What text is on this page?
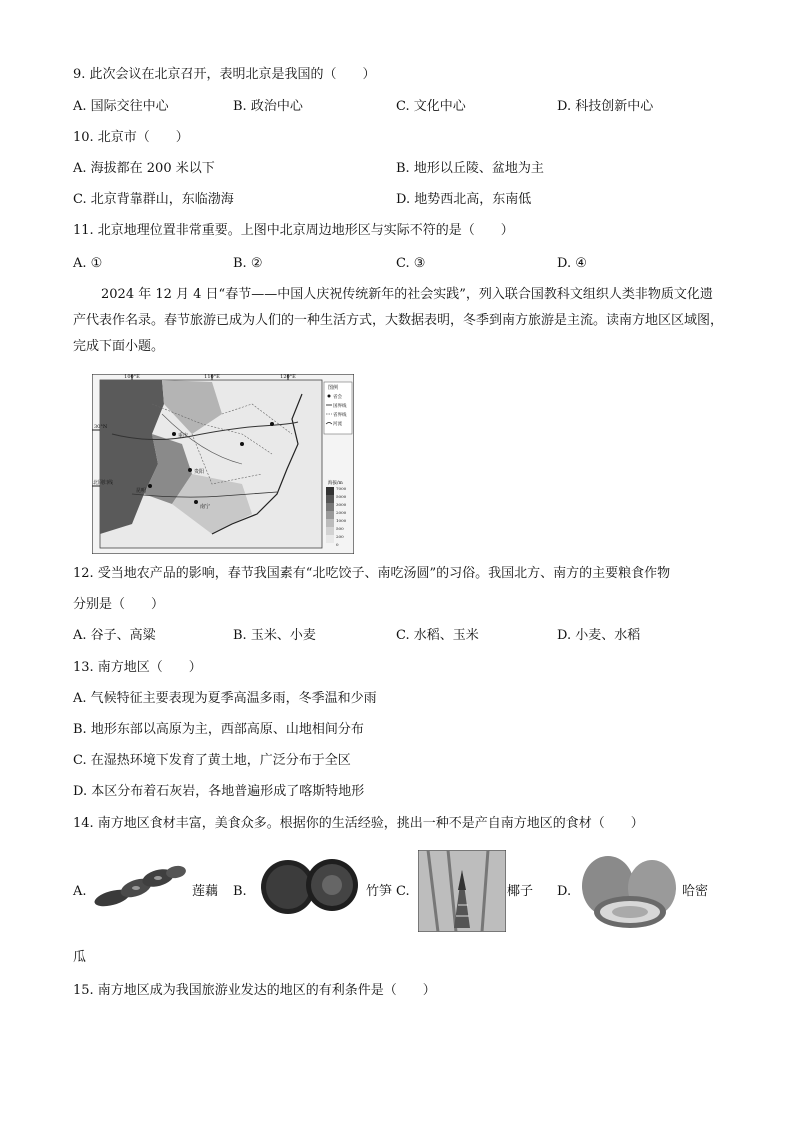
9. 此次会议在北京召开，表明北京是我国的（　　）
A. 国际交往中心	B. 政治中心	C. 文化中心	D. 科技创新中心
10. 北京市（　　）
A. 海拔都在 200 米以下	B. 地形以丘陵、盆地为主
C. 北京背靠群山，东临渤海	D. 地势西北高，东南低
11. 北京地理位置非常重要。上图中北京周边地形区与实际不符的是（　　）
A. ①	B. ②	C. ③	D. ④
2024 年 12 月 4 日“春节——中国人庆祝传统新年的社会实践”，列入联合国教科文组织人类非物质文化遗产代表作名录。春节旅游已成为人们的一种生活方式，大数据表明，冬季到南方旅游是主流。读南方地区区域图，完成下面小题。
100°E	110°E	120°E
30°N
北回归线
重庆
昆明
贵阳
南宁
图例
省会
国界线
省界线
河流
海拔/m
7000
5000
3000
2000
1000
500
200
0
12. 受当地农产品的影响，春节我国素有“北吃饺子、南吃汤圆”的习俗。我国北方、南方的主要粮食作物
分别是（　　）
A. 谷子、高粱	B. 玉米、小麦	C. 水稻、玉米	D. 小麦、水稻
13. 南方地区（　　）
A. 气候特征主要表现为夏季高温多雨，冬季温和少雨
B. 地形东部以高原为主，西部高原、山地相间分布
C. 在湿热环境下发育了黄土地，广泛分布于全区
D. 本区分布着石灰岩，各地普遍形成了喀斯特地形
14. 南方地区食材丰富，美食众多。根据你的生活经验，挑出一种不是产自南方地区的食材（　　）
A.	莲藕 B.	竹笋 C.	椰子 D.	哈密
瓜
15. 南方地区成为我国旅游业发达的地区的有利条件是（　　）
